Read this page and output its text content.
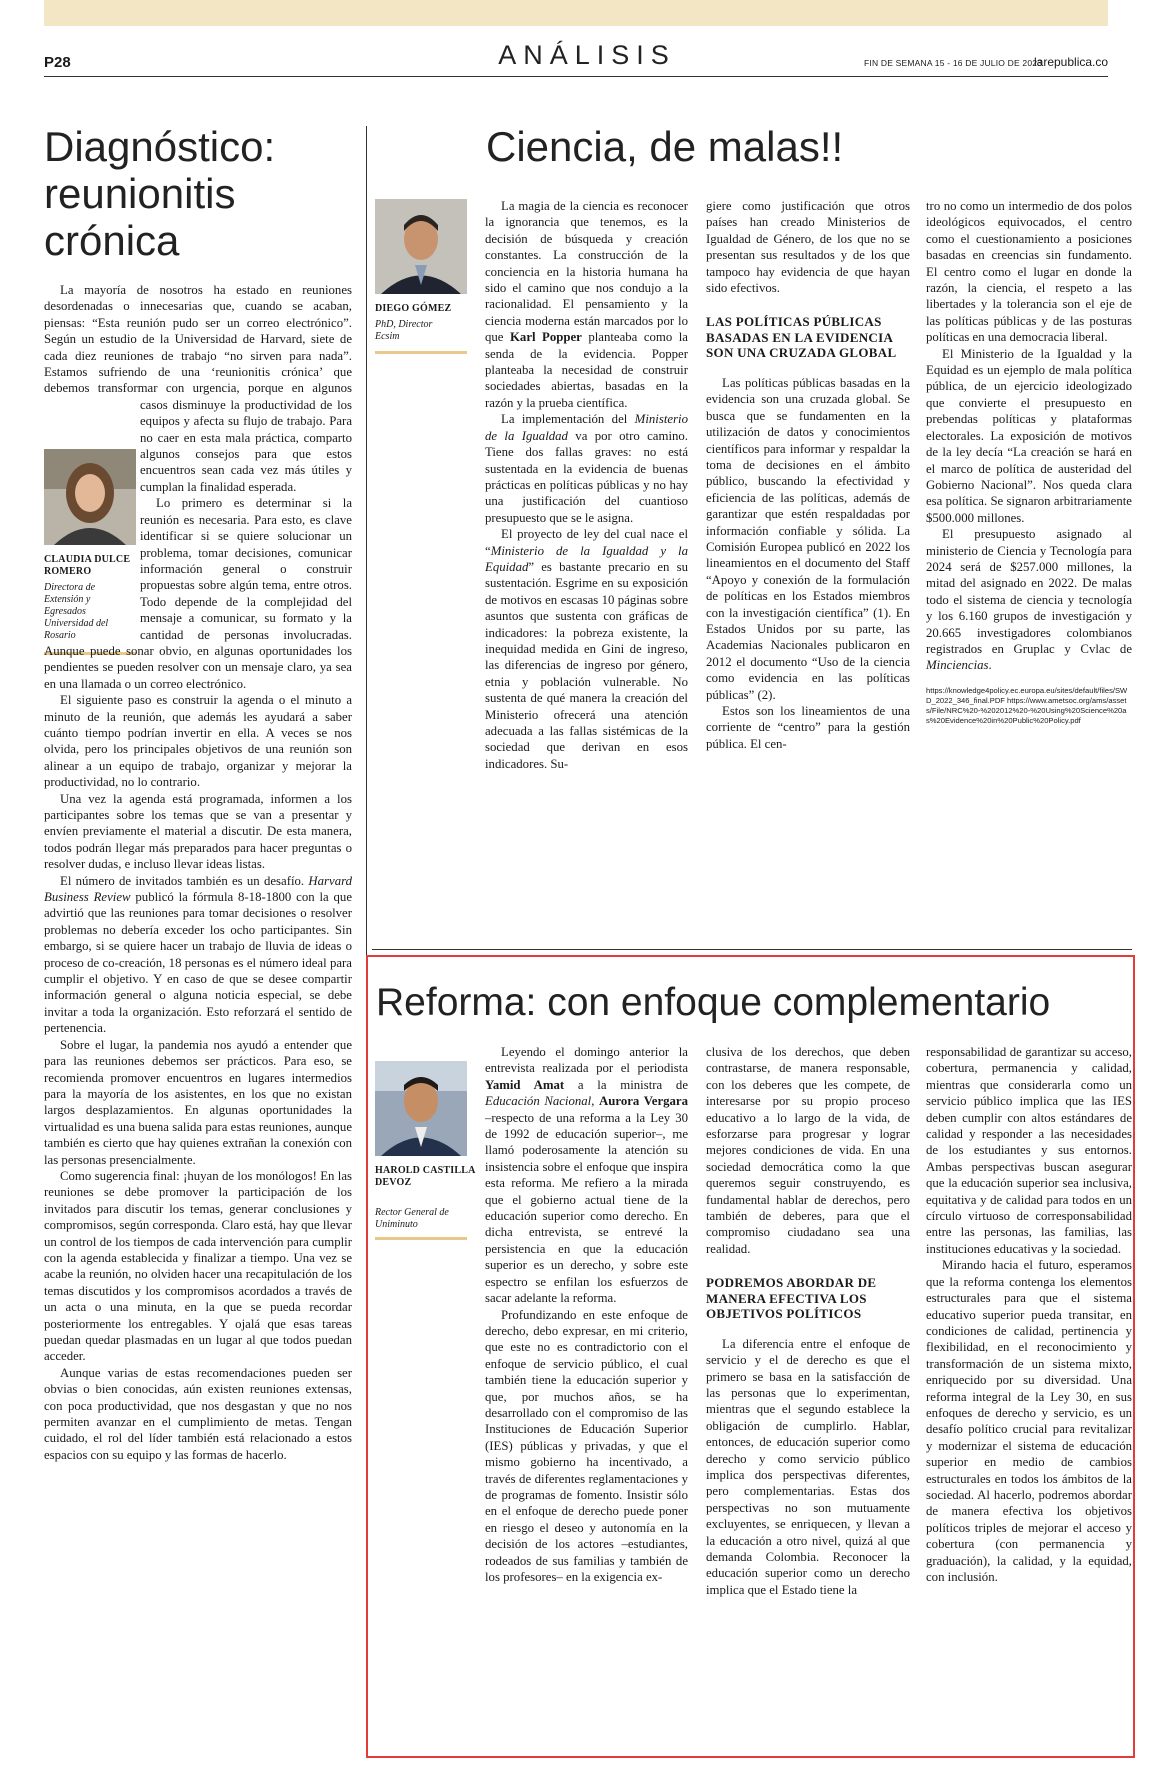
P28	ANÁLISIS	FIN DE SEMANA 15 - 16 DE JULIO DE 2023
larepublica.co
Diagnóstico: reunionitis crónica
CLAUDIA DULCE ROMERO
Directora de Extensión y Egresados Universidad del Rosario

La mayoría de nosotros ha estado en reuniones desordenadas o innecesarias que, cuando se acaban, piensas: “Esta reunión pudo ser un correo electrónico”. Según un estudio de la Universidad de Harvard, siete de cada diez reuniones de trabajo “no sirven para nada”. Estamos sufriendo de una ‘reunionitis crónica’ que debemos transformar con urgencia, porque en algunos casos disminuye la productividad de
los equipos y afecta su flujo de trabajo. Para no caer en esta mala práctica, comparto algunos consejos para que estos encuentros sean cada vez más útiles y cumplan la finalidad esperada.

Lo primero es determinar si la reunión es necesaria. Para esto, es clave identificar si se quiere solucionar un problema, tomar decisiones, comunicar información general o construir propuestas sobre algún tema, entre otros. Todo depende de la complejidad del mensaje a comunicar, su formato y la cantidad de personas involucradas. Aunque puede sonar obvio, en algunas oportunidades los pendientes se pueden resolver con un mensaje claro, ya sea en una llamada o un correo electrónico.

El siguiente paso es construir la agenda o el minuto a minuto de la reunión, que además les ayudará a saber cuánto tiempo podrían invertir en ella. A veces se nos olvida, pero los principales objetivos de una reunión son alinear a un equipo de trabajo, organizar y mejorar la productividad, no lo contrario.

Una vez la agenda está programada, informen a los participantes sobre los temas que se van a presentar y envíen previamente el material a discutir. De esta manera, todos podrán llegar más preparados para hacer preguntas o resolver dudas, e incluso llevar ideas listas.

El número de invitados también es un desafío. Harvard Business Review publicó la fórmula 8-18-1800 con la que advirtió que las reuniones para tomar decisiones o resolver problemas no debería exceder los ocho participantes. Sin embargo, si se quiere hacer un trabajo de lluvia de ideas o proceso de co-creación, 18 personas es el número ideal para cumplir el objetivo. Y en caso de que se desee compartir información general o alguna noticia especial, se debe invitar a toda la organización. Esto reforzará el sentido de pertenencia.

Sobre el lugar, la pandemia nos ayudó a entender que para las reuniones debemos ser prácticos. Para eso, se recomienda promover encuentros en lugares intermedios para la mayoría de los asistentes, en los que no existan largos desplazamientos. En algunas oportunidades la virtualidad es una buena salida para estas reuniones, aunque también es cierto que hay quienes extrañan la conexión con las personas presencialmente.

Como sugerencia final: ¡huyan de los monólogos! En las reuniones se debe promover la participación de los invitados para discutir los temas, generar conclusiones y compromisos, según corresponda. Claro está, hay que llevar un control de los tiempos de cada intervención para cumplir con la agenda establecida y finalizar a tiempo. Una vez se acabe la reunión, no olviden hacer una recapitulación de los temas discutidos y los compromisos acordados a través de un acta o una minuta, en la que se pueda recordar posteriormente los entregables. Y ojalá que esas tareas puedan quedar plasmadas en un lugar al que todos puedan acceder.

Aunque varias de estas recomendaciones pueden ser obvias o bien conocidas, aún existen reuniones extensas, con poca productividad, que nos desgastan y que no nos permiten avanzar en el cumplimiento de metas. Tengan cuidado, el rol del líder también está relacionado a estos espacios con su equipo y las formas de hacerlo.

Ciencia, de malas!!
DIEGO GÓMEZ
PhD, Director Ecsim

La magia de la ciencia es reconocer la ignorancia que tenemos, es la decisión de búsqueda y creación constantes. La construcción de la conciencia en la historia humana ha sido el camino que nos condujo a la racionalidad. El pensamiento y la ciencia moderna están marcados por lo que Karl Popper planteaba como la senda de la evidencia. Popper planteaba la necesidad de construir sociedades abiertas, basadas en la razón y la prueba científica.

La implementación del Ministerio de la Igualdad va por otro camino. Tiene dos fallas graves: no está sustentada en la evidencia de buenas prácticas en políticas públicas y no hay una justificación del cuantioso presupuesto que se le asigna.

El proyecto de ley del cual nace el “Ministerio de la Igualdad y la Equidad” es bastante precario en su sustentación. Esgrime en su exposición de motivos en escasas 10 páginas sobre asuntos que sustenta con gráficas de indicadores: la pobreza existente, la inequidad medida en Gini de ingreso, las diferencias de ingreso por género, etnia y población vulnerable. No sustenta de qué manera la creación del Ministerio ofrecerá una atención adecuada a las fallas sistémicas de la sociedad que derivan en esos indicadores. Su-

giere como justificación que otros países han creado Ministerios de Igualdad de Género, de los que no se presentan sus resultados y de los que tampoco hay evidencia de que hayan sido efectivos.

LAS POLÍTICAS PÚBLICAS BASADAS EN LA EVIDENCIA SON UNA CRUZADA GLOBAL

Las políticas públicas basadas en la evidencia son una cruzada global. Se busca que se fundamenten en la utilización de datos y conocimientos científicos para informar y respaldar la toma de decisiones en el ámbito público, buscando la efectividad y eficiencia de las políticas, además de garantizar que estén respaldadas por información confiable y sólida. La Comisión Europea publicó en 2022 los lineamientos en el documento del Staff “Apoyo y conexión de la formulación de políticas en los Estados miembros con la investigación científica” (1). En Estados Unidos por su parte, las Academias Nacionales publicaron en 2012 el documento “Uso de la ciencia como evidencia en las políticas públicas” (2).

Estos son los lineamientos de una corriente de “centro” para la gestión pública. El cen-

tro no como un intermedio de dos polos ideológicos equivocados, el centro como el cuestionamiento a posiciones basadas en creencias sin fundamento. El centro como el lugar en donde la razón, la ciencia, el respeto a las libertades y la tolerancia son el eje de las políticas públicas y de las posturas políticas en una democracia liberal.

El Ministerio de la Igualdad y la Equidad es un ejemplo de mala política pública, de un ejercicio ideologizado que convierte el presupuesto en prebendas políticas y plataformas electorales. La exposición de motivos de la ley decía “La creación se hará en el marco de política de austeridad del Gobierno Nacional”. Nos queda clara esa política. Se signaron arbitrariamente $500.000 millones.

El presupuesto asignado al ministerio de Ciencia y Tecnología para 2024 será de $257.000 millones, la mitad del asignado en 2022. De malas todo el sistema de ciencia y tecnología y los 6.160 grupos de investigación y 20.665 investigadores colombianos registrados en Gruplac y Cvlac de Minciencias.

https://knowledge4policy.ec.europa.eu/sites/default/files/SWD_2022_346_final.PDF https://www.ametsoc.org/ams/assets/File/NRC%20-%202012%20-%20Using%20Science%20as%20Evidence%20in%20Public%20Policy.pdf

Reforma: con enfoque complementario
HAROLD CASTILLA DEVOZ
Rector General de Uniminuto

Leyendo el domingo anterior la entrevista realizada por el periodista Yamid Amat a la ministra de Educación Nacional, Aurora Vergara –respecto de una reforma a la Ley 30 de 1992 de educación superior–, me llamó poderosamente la atención su insistencia sobre el enfoque que inspira esta reforma. Me refiero a la mirada que el gobierno actual tiene de la educación superior como derecho. En dicha entrevista, se entrevé la persistencia en que la educación superior es un derecho, y sobre este espectro se enfilan los esfuerzos de sacar adelante la reforma.

Profundizando en este enfoque de derecho, debo expresar, en mi criterio, que este no es contradictorio con el enfoque de servicio público, el cual también tiene la educación superior y que, por muchos años, se ha desarrollado con el compromiso de las Instituciones de Educación Superior (IES) públicas y privadas, y que el mismo gobierno ha incentivado, a través de diferentes reglamentaciones y de programas de fomento. Insistir sólo en el enfoque de derecho puede poner en riesgo el deseo y autonomía en la decisión de los actores –estudiantes, rodeados de sus familias y también de los profesores– en la exigencia ex-

clusiva de los derechos, que deben contrastarse, de manera responsable, con los deberes que les compete, de interesarse por su propio proceso educativo a lo largo de la vida, de esforzarse para progresar y lograr mejores condiciones de vida. En una sociedad democrática como la que queremos seguir construyendo, es fundamental hablar de derechos, pero también de deberes, para que el compromiso ciudadano sea una realidad.

PODREMOS ABORDAR DE MANERA EFECTIVA LOS OBJETIVOS POLÍTICOS

La diferencia entre el enfoque de servicio y el de derecho es que el primero se basa en la satisfacción de las personas que lo experimentan, mientras que el segundo establece la obligación de cumplirlo. Hablar, entonces, de educación superior como derecho y como servicio público implica dos perspectivas diferentes, pero complementarias. Estas dos perspectivas no son mutuamente excluyentes, se enriquecen, y llevan a la educación a otro nivel, quizá al que demanda Colombia. Reconocer la educación superior como un derecho implica que el Estado tiene la

responsabilidad de garantizar su acceso, cobertura, permanencia y calidad, mientras que considerarla como un servicio público implica que las IES deben cumplir con altos estándares de calidad y responder a las necesidades de los estudiantes y sus entornos. Ambas perspectivas buscan asegurar que la educación superior sea inclusiva, equitativa y de calidad para todos en un círculo virtuoso de corresponsabilidad entre las personas, las familias, las instituciones educativas y la sociedad.

Mirando hacia el futuro, esperamos que la reforma contenga los elementos estructurales para que el sistema educativo superior pueda transitar, en condiciones de calidad, pertinencia y flexibilidad, en el reconocimiento y transformación de un sistema mixto, enriquecido por su diversidad. Una reforma integral de la Ley 30, en sus enfoques de derecho y servicio, es un desafío político crucial para revitalizar y modernizar el sistema de educación superior en medio de cambios estructurales en todos los ámbitos de la sociedad. Al hacerlo, podremos abordar de manera efectiva los objetivos políticos triples de mejorar el acceso y cobertura (con permanencia y graduación), la calidad, y la equidad, con inclusión.
